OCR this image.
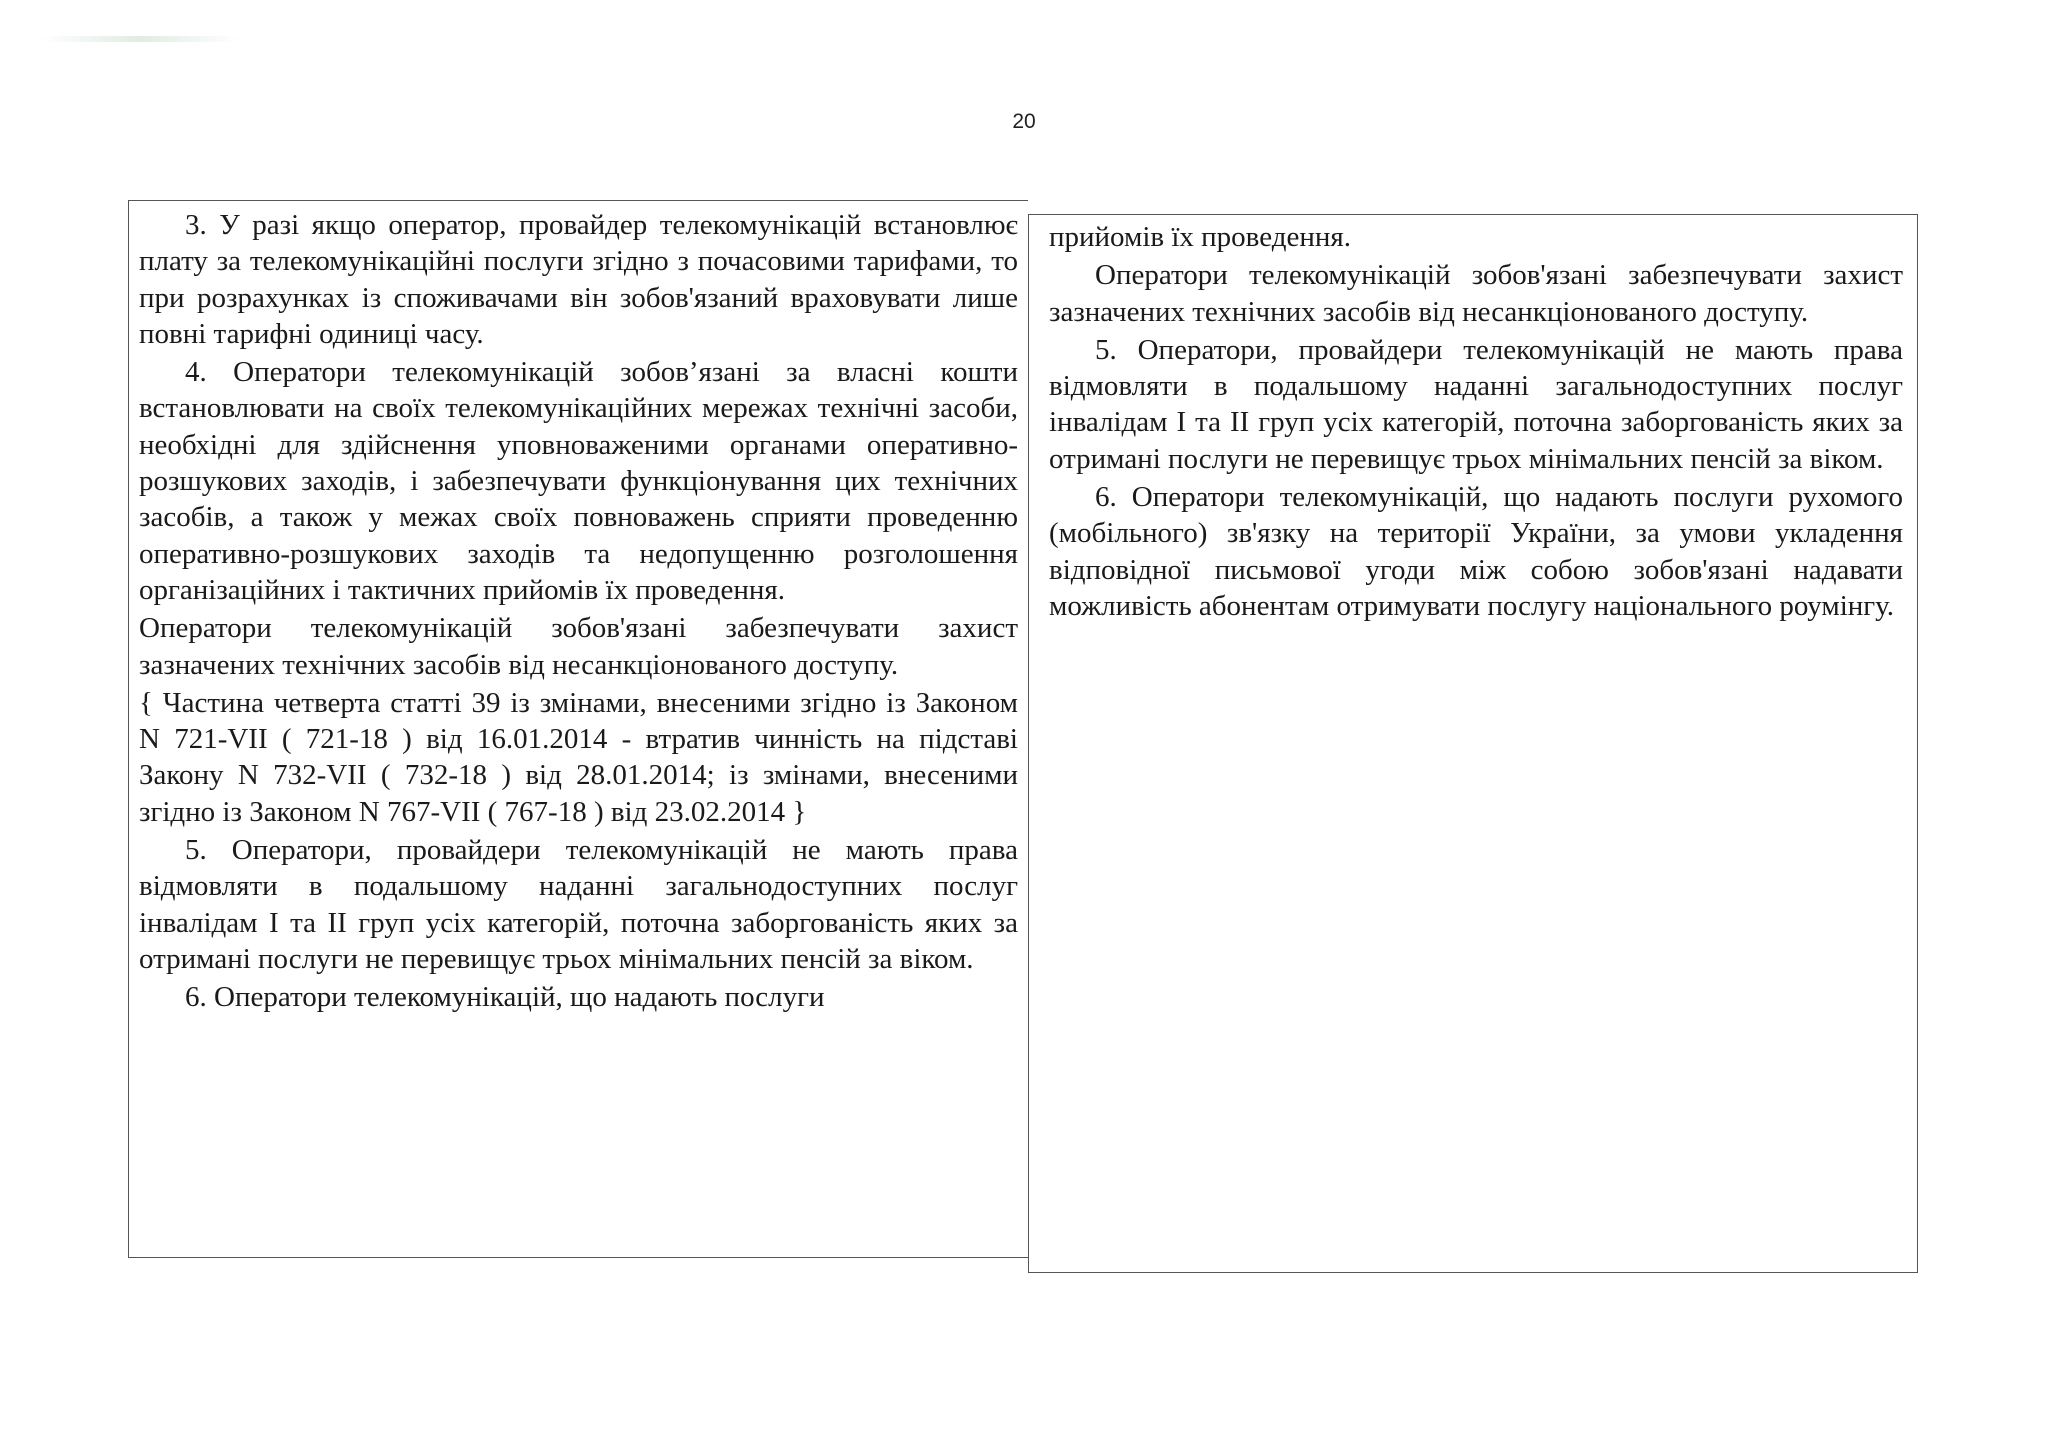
20

3. У разі якщо оператор, провайдер телекомунікацій встановлює плату за телекомунікаційні послуги згідно з почасовими тарифами, то при розрахунках із споживачами він зобов'язаний враховувати лише повні тарифні одиниці часу.

4. Оператори телекомунікацій зобов’язані за власні кошти встановлювати на своїх телекомунікаційних мережах технічні засоби, необхідні для здійснення уповноваженими органами оперативно-розшукових заходів, і забезпечувати функціонування цих технічних засобів, а також у межах своїх повноважень сприяти проведенню оперативно-розшукових заходів та недопущенню розголошення організаційних і тактичних прийомів їх проведення.

Оператори телекомунікацій зобов'язані забезпечувати захист зазначених технічних засобів від несанкціонованого доступу.

{ Частина четверта статті 39 із змінами, внесеними згідно із Законом N 721-VII ( 721-18 ) від 16.01.2014 - втратив чинність на підставі Закону N 732-VII ( 732-18 ) від 28.01.2014; із змінами, внесеними згідно із Законом N 767-VII ( 767-18 ) від 23.02.2014 }

5. Оператори, провайдери телекомунікацій не мають права відмовляти в подальшому наданні загальнодоступних послуг інвалідам I та II груп усіх категорій, поточна заборгованість яких за отримані послуги не перевищує трьох мінімальних пенсій за віком.

6. Оператори телекомунікацій, що надають послуги

прийомів їх проведення.

Оператори телекомунікацій зобов'язані забезпечувати захист зазначених технічних засобів від несанкціонованого доступу.

5. Оператори, провайдери телекомунікацій не мають права відмовляти в подальшому наданні загальнодоступних послуг інвалідам I та II груп усіх категорій, поточна заборгованість яких за отримані послуги не перевищує трьох мінімальних пенсій за віком.

6. Оператори телекомунікацій, що надають послуги рухомого (мобільного) зв'язку на території України, за умови укладення відповідної письмової угоди між собою зобов'язані надавати можливість абонентам отримувати послугу національного роумінгу.
